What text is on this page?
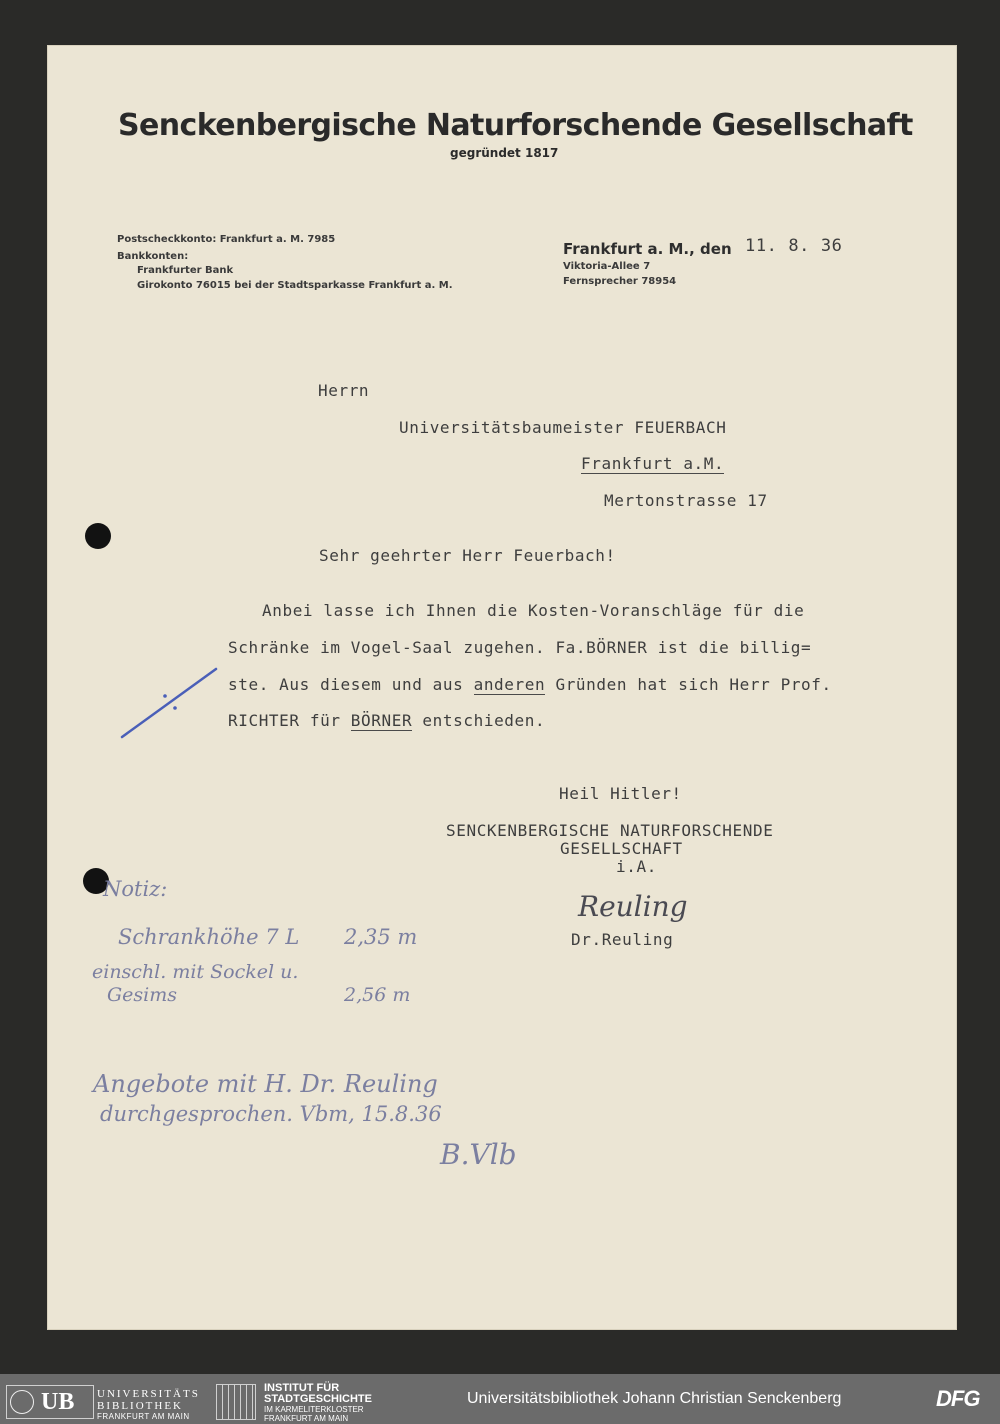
Senckenbergische Naturforschende Gesellschaft
gegründet 1817
Postscheckkonto: Frankfurt a. M. 7985
Bankkonten:
Frankfurter Bank
Girokonto 76015 bei der Stadtsparkasse Frankfurt a. M.
Frankfurt a. M., den 11. 8. 36
Viktoria-Allee 7
Fernsprecher 78954
Herrn
Universitätsbaumeister FEUERBACH
Frankfurt a.M.
Mertonstrasse 17
Sehr geehrter Herr Feuerbach!
Anbei lasse ich Ihnen die Kosten-Voranschläge für die
Schränke im Vogel-Saal zugehen. Fa.BÖRNER ist die billig=
ste. Aus diesem und aus anderen Gründen hat sich Herr Prof.
RICHTER für BÖRNER entschieden.
Heil Hitler!
SENCKENBERGISCHE NATURFORSCHENDE
GESELLSCHAFT
i.A.
Reuling
Dr.Reuling
Notiz:
Schrankhöhe 7 L 2,35 m
einschl. mit Sockel u.
Gesims	2,56 m
Angebote mit H. Dr. Reuling
durchgesprochen. Vbm, 15.8.36
B.Vlb
UB UNIVERSITÄTS
BIBLIOTHEK
FRANKFURT AM MAIN
INSTITUT FÜR
STADTGESCHICHTE
IM KARMELITERKLOSTER
FRANKFURT AM MAIN
Universitätsbibliothek Johann Christian Senckenberg	DFG
